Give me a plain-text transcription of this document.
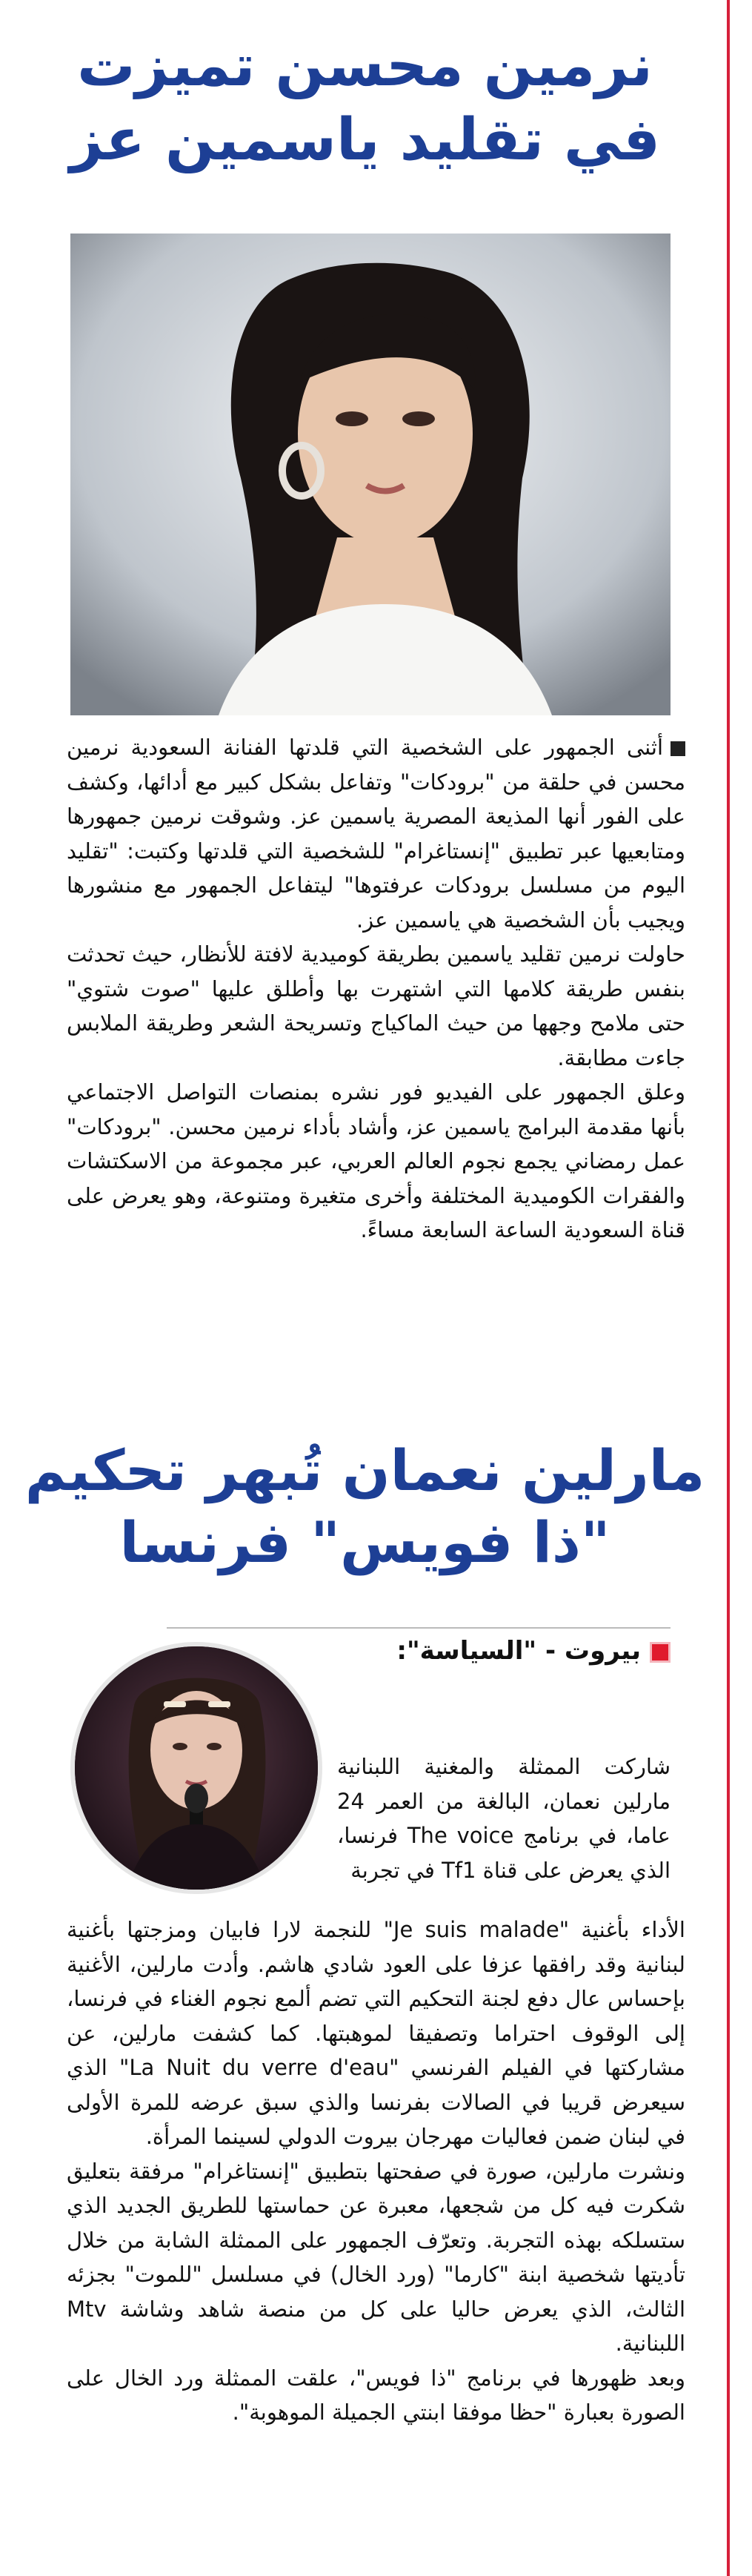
نرمين محسن تميزت
في تقليد ياسمين عز

أثنى الجمهور على الشخصية التي قلدتها الفنانة السعودية نرمين محسن في حلقة من "برودكات" وتفاعل بشكل كبير مع أدائها، وكشف على الفور أنها المذيعة المصرية ياسمين عز. وشوقت نرمين جمهورها ومتابعيها عبر تطبيق "إنستاغرام" للشخصية التي قلدتها وكتبت: "تقليد اليوم من مسلسل برودكات عرفتوها" ليتفاعل الجمهور مع منشورها ويجيب بأن الشخصية هي ياسمين عز.

حاولت نرمين تقليد ياسمين بطريقة كوميدية لافتة للأنظار، حيث تحدثت بنفس طريقة كلامها التي اشتهرت بها وأطلق عليها "صوت شتوي" حتى ملامح وجهها من حيث الماكياج وتسريحة الشعر وطريقة الملابس جاءت مطابقة.

وعلق الجمهور على الفيديو فور نشره بمنصات التواصل الاجتماعي بأنها مقدمة البرامج ياسمين عز، وأشاد بأداء نرمين محسن. "برودكات" عمل رمضاني يجمع نجوم العالم العربي، عبر مجموعة من الاسكتشات والفقرات الكوميدية المختلفة وأخرى متغيرة ومتنوعة، وهو يعرض على قناة السعودية الساعة السابعة مساءً.

مارلين نعمان تُبهر تحكيم
"ذا فويس" فرنسا
بيروت - "السياسة":
شاركت الممثلة والمغنية اللبنانية مارلين نعمان، البالغة من العمر 24 عاما، في برنامج The voice فرنسا، الذي يعرض على قناة Tf1 في تجربة

الأداء بأغنية "Je suis malade" للنجمة لارا فابيان ومزجتها بأغنية لبنانية وقد رافقها عزفا على العود شادي هاشم. وأدت مارلين، الأغنية بإحساس عال دفع لجنة التحكيم التي تضم ألمع نجوم الغناء في فرنسا، إلى الوقوف احتراما وتصفيقا لموهبتها. كما كشفت مارلين، عن مشاركتها في الفيلم الفرنسي "La Nuit du verre d'eau" الذي سيعرض قريبا في الصالات بفرنسا والذي سبق عرضه للمرة الأولى في لبنان ضمن فعاليات مهرجان بيروت الدولي لسينما المرأة.

ونشرت مارلين، صورة في صفحتها بتطبيق "إنستاغرام" مرفقة بتعليق شكرت فيه كل من شجعها، معبرة عن حماستها للطريق الجديد الذي ستسلكه بهذه التجربة. وتعرّف الجمهور على الممثلة الشابة من خلال تأديتها شخصية ابنة "كارما" (ورد الخال) في مسلسل "للموت" بجزئه الثالث، الذي يعرض حاليا على كل من منصة شاهد وشاشة Mtv اللبنانية.

وبعد ظهورها في برنامج "ذا فويس"، علقت الممثلة ورد الخال على الصورة بعبارة "حظا موفقا ابنتي الجميلة الموهوبة".
